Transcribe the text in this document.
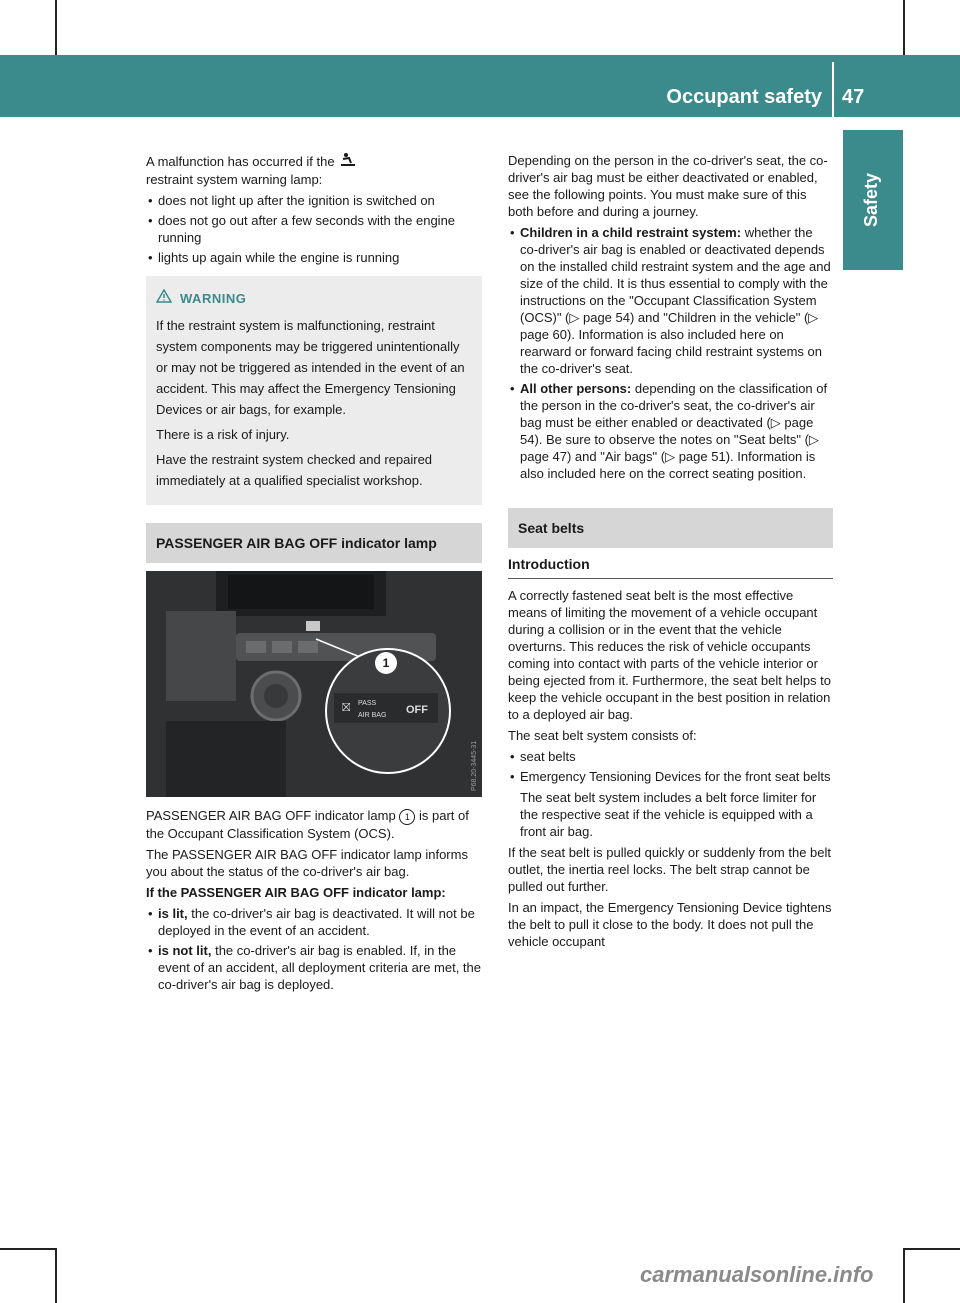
Occupant safety 47
Safety

A malfunction has occurred if the
restraint system warning lamp:

• does not light up after the ignition is switched on
• does not go out after a few seconds with the engine running
• lights up again while the engine is running
WARNING

If the restraint system is malfunctioning, restraint system components may be triggered unintentionally or may not be triggered as intended in the event of an accident. This may affect the Emergency Tensioning Devices or air bags, for example.

There is a risk of injury.

Have the restraint system checked and repaired immediately at a qualified specialist workshop.

PASSENGER AIR BAG OFF indicator lamp
1
⛝ PASS
AIR BAG OFF
P68.20-3445-31

PASSENGER AIR BAG OFF indicator lamp 1 is part of the Occupant Classification System (OCS).

The PASSENGER AIR BAG OFF indicator lamp informs you about the status of the co-driver's air bag.

If the PASSENGER AIR BAG OFF indicator lamp:

• is lit, the co-driver's air bag is deactivated. It will not be deployed in the event of an accident.
• is not lit, the co-driver's air bag is enabled. If, in the event of an accident, all deployment criteria are met, the co-driver's air bag is deployed.

Depending on the person in the co-driver's seat, the co-driver's air bag must be either deactivated or enabled, see the following points. You must make sure of this both before and during a journey.

• Children in a child restraint system: whether the co-driver's air bag is enabled or deactivated depends on the installed child restraint system and the age and size of the child. It is thus essential to comply with the instructions on the "Occupant Classification System (OCS)" (▷ page 54) and "Children in the vehicle" (▷ page 60). Information is also included here on rearward or forward facing child restraint systems on the co-driver's seat.
• All other persons: depending on the classification of the person in the co-driver's seat, the co-driver's air bag must be either enabled or deactivated (▷ page 54). Be sure to observe the notes on "Seat belts" (▷ page 47) and "Air bags" (▷ page 51). Information is also included here on the correct seating position.
Seat belts
Introduction

A correctly fastened seat belt is the most effective means of limiting the movement of a vehicle occupant during a collision or in the event that the vehicle overturns. This reduces the risk of vehicle occupants coming into contact with parts of the vehicle interior or being ejected from it. Furthermore, the seat belt helps to keep the vehicle occupant in the best position in relation to a deployed air bag.

The seat belt system consists of:

• seat belts
• Emergency Tensioning Devices for the front seat belts

The seat belt system includes a belt force limiter for the respective seat if the vehicle is equipped with a front air bag.

If the seat belt is pulled quickly or suddenly from the belt outlet, the inertia reel locks. The belt strap cannot be pulled out further.

In an impact, the Emergency Tensioning Device tightens the belt to pull it close to the body. It does not pull the vehicle occupant

carmanualsonline.info
